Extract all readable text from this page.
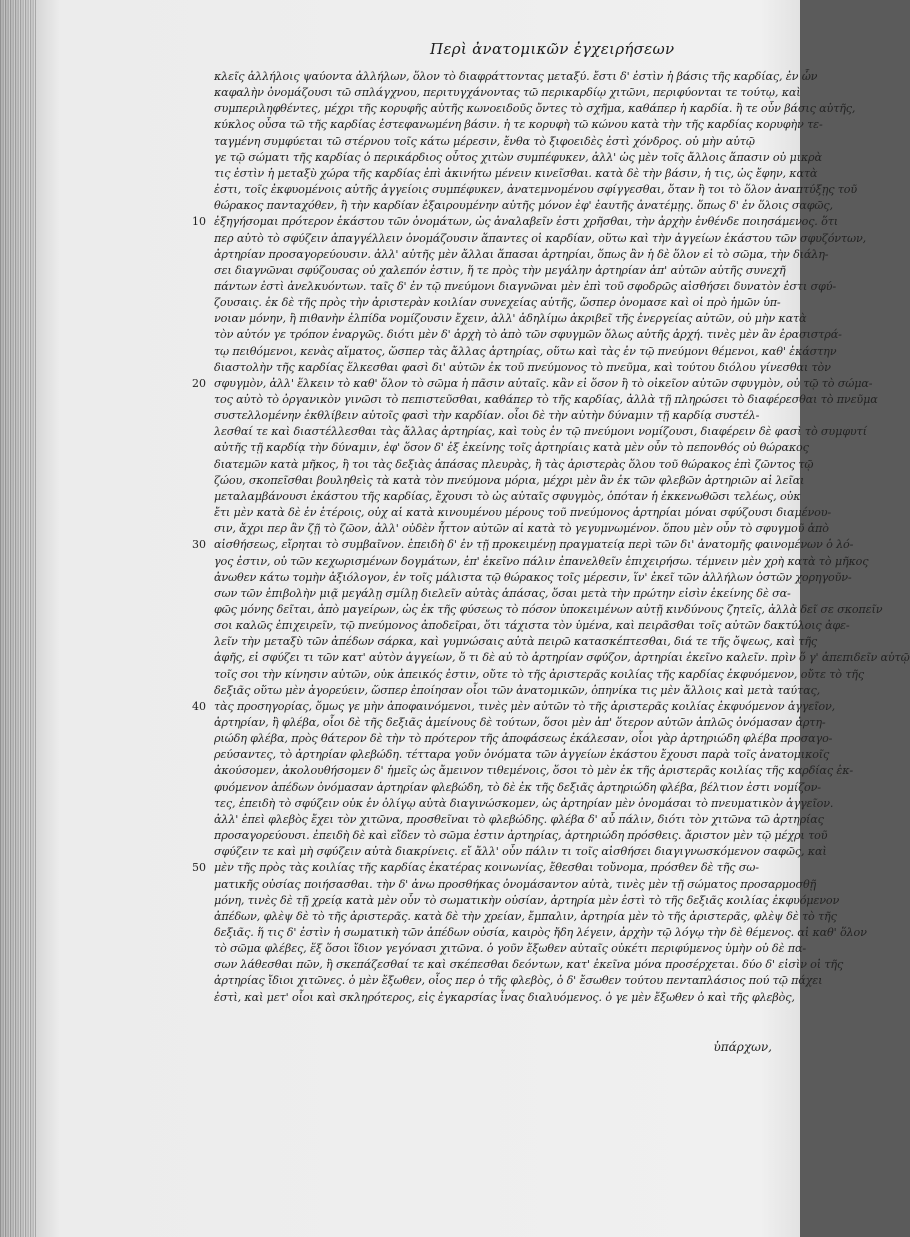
Περὶ ἀνατομικῶν ἐγχειρήσεων
κλεῖς ἀλλήλοις ψαύοντα ἀλλήλων, ὅλον τὸ διαφράττοντας μεταξύ. ἔστι δ' ἐστὶν ἡ βάσις τῆς καρδίας, ἐν ὧν
καφαλὴν ὀνομάζουσι τῶ σπλάγχνου, περιτυγχάνοντας τῶ περικαρδίῳ χιτῶνι, περιφύονται τε τούτῳ, καὶ
συμπεριληφθέντες, μέχρι τῆς κορυφῆς αὐτῆς κωνοειδοῦς ὄντες τὸ σχῆμα, καθάπερ ἡ καρδία. ἢ τε οὖν βάσις αὐτῆς,
κύκλος οὖσα τῶ τῆς καρδίας ἐστεφανωμένη βάσιν. ἡ τε κορυφὴ τῶ κώνου κατὰ τὴν τῆς καρδίας κορυφὴν τε-
ταγμένη συμφύεται τῶ στέρνου τοῖς κάτω μέρεσιν, ἔνθα τὸ ξιφοειδὲς ἐστὶ χόνδρος. οὐ μὴν αὐτῷ
γε τῷ σώματι τῆς καρδίας ὁ περικάρδιος οὗτος χιτὼν συμπέφυκεν, ἀλλ' ὡς μὲν τοῖς ἄλλοις ἅπασιν οὐ μικρὰ
τις ἐστὶν ἡ μεταξὺ χώρα τῆς καρδίας ἐπὶ ἀκινήτω μένειν κινεῖσθαι. κατὰ δὲ τὴν βάσιν, ἡ τις, ὡς ἔφην, κατὰ
ἐστι, τοῖς ἐκφυομένοις αὐτῆς ἀγγείοις συμπέφυκεν, ἀνατεμνομένου σφίγγεσθαι, ὅταν ἢ τοι τὸ ὅλον ἀναπτύξῃς τοῦ
θώρακος πανταχόθεν, ἢ τὴν καρδίαν ἐξαιρουμένην αὐτῆς μόνον ἐφ' ἑαυτῆς ἀνατέμῃς. ὅπως δ' ἐν ὅλοις σαφῶς,
ἐξηγήσομαι πρότερον ἑκάστου τῶν ὀνομάτων, ὡς ἀναλαβεῖν ἐστι χρῆσθαι, τὴν ἀρχὴν ἐνθένδε ποιησάμενος. ὅτι
περ αὐτὸ τὸ σφύζειν ἀπαγγέλλειν ὀνομάζουσιν ἅπαντες οἱ καρδίαν, οὕτω καὶ τὴν ἀγγείων ἑκάστου τῶν σφυζόντων,
ἀρτηρίαν προσαγορεύουσιν. ἀλλ' αὐτῆς μὲν ἄλλαι ἅπασαι ἀρτηρίαι, ὅπως ἂν ἡ δὲ ὅλον εἰ τὸ σῶμα, τὴν διάλη-
σει διαγνῶναι σφύζουσας οὐ χαλεπόν ἐστιν, ἥ τε πρὸς τὴν μεγάλην ἀρτηρίαν ἀπ' αὐτῶν αὐτῆς συνεχῆ
πάντων ἐστὶ ἀνελκυόντων. ταῖς δ' ἐν τῷ πνεύμονι διαγνῶναι μὲν ἐπὶ τοῦ σφοδρῶς αἰσθήσει δυνατὸν ἐστι σφύ-
ζουσαις. ἐκ δὲ τῆς πρὸς τὴν ἀριστερὰν κοιλίαν συνεχείας αὐτῆς, ὥσπερ ὀνομασε καὶ οἱ πρὸ ἡμῶν ὑπ-
νοιαν μόνην, ἢ πιθανὴν ἐλπίδα νομίζουσιν ἔχειν, ἀλλ' ἀδηλίμω ἀκριβεῖ τῆς ἐνεργείας αὐτῶν, οὐ μὴν κατὰ
τὸν αὐτόν γε τρόπον ἐναργῶς. διότι μὲν δ' ἀρχὴ τὸ ἀπὸ τῶν σφυγμῶν ὅλως αὐτῆς ἀρχή. τινὲς μὲν ἂν ἐρασιστρά-
τῳ πειθόμενοι, κενὰς αἵματος, ὥσπερ τὰς ἄλλας ἀρτηρίας, οὕτω καὶ τὰς ἐν τῷ πνεύμονι θέμενοι, καθ' ἑκάστην
διαστολὴν τῆς καρδίας ἕλκεσθαι φασὶ δι' αὐτῶν ἐκ τοῦ πνεύμονος τὸ πνεῦμα, καὶ τούτου διόλου γίνεσθαι τὸν
σφυγμὸν, ἀλλ' ἕλκειν τὸ καθ' ὅλον τὸ σῶμα ἡ πᾶσιν αὐταῖς. κἂν εἰ ὅσον ἢ τὸ οἰκεῖον αὐτῶν σφυγμὸν, οὐ τῷ τὸ σώμα-
τος αὐτὸ τὸ ὀργανικὸν γινῶσι τὸ πεπιστεῦσθαι, καθάπερ τὸ τῆς καρδίας, ἀλλὰ τῇ πληρώσει τὸ διαφέρεσθαι τὸ πνεῦμα
συστελλομένην ἐκθλίβειν αὐτοῖς φασὶ τὴν καρδίαν. οἷοι δὲ τὴν αὐτὴν δύναμιν τῇ καρδίᾳ συστέλ-
λεσθαί τε καὶ διαστέλλεσθαι τὰς ἄλλας ἀρτηρίας, καὶ τοὺς ἐν τῷ πνεύμονι νομίζουσι, διαφέρειν δὲ φασὶ τὸ συμφυτί
αὐτῆς τῇ καρδίᾳ τὴν δύναμιν, ἐφ' ὅσον δ' ἐξ ἐκείνης τοῖς ἀρτηρίαις κατὰ μὲν οὖν τὸ πεπονθός οὐ θώρακος
διατεμῶν κατὰ μῆκος, ἢ τοι τὰς δεξιὰς ἁπάσας πλευρὰς, ἢ τὰς ἀριστερὰς ὅλου τοῦ θώρακος ἐπὶ ζῶντος τῷ
ζώου, σκοπεῖσθαι βουληθεὶς τὰ κατὰ τὸν πνεύμονα μόρια, μέχρι μὲν ἂν ἐκ τῶν φλεβῶν ἀρτηριῶν αἱ λεῖαι
μεταλαμβάνουσι ἑκάστου τῆς καρδίας, ἔχουσι τὸ ὡς αὐταῖς σφυγμὸς, ὁπόταν ἡ ἐκκενωθῶσι τελέως, οὐκ
ἔτι μὲν κατὰ δὲ ἐν ἑτέροις, οὐχ αἱ κατὰ κινουμένου μέρους τοῦ πνεύμονος ἀρτηρίαι μόναι σφύζουσι διαμένου-
σιν, ἄχρι περ ἂν ζῇ τὸ ζῶον, ἀλλ' οὐδὲν ἧττον αὐτῶν αἱ κατὰ τὸ γεγυμνωμένον. ὅπου μὲν οὖν τὸ σφυγμοῦ ἀπὸ
αἰσθήσεως, εἴρηται τὸ συμβαῖνον. ἐπειδὴ δ' ἐν τῇ προκειμένῃ πραγματείᾳ περὶ τῶν δι' ἀνατομῆς φαινομένων ὁ λό-
γος ἐστιν, οὐ τῶν κεχωρισμένων δογμάτων, ἐπ' ἐκεῖνο πάλιν ἐπανελθεῖν ἐπιχειρήσω. τέμνειν μὲν χρὴ κατὰ τὸ μῆκος
ἀνωθεν κάτω τομὴν ἀξιόλογον, ἐν τοῖς μάλιστα τῷ θώρακος τοῖς μέρεσιν, ἵν' ἐκεῖ τῶν ἀλλήλων ὀστῶν χορηγοῦν-
σων τῶν ἐπιβολὴν μιᾷ μεγάλῃ σμίλῃ διελεῖν αὐτὰς ἁπάσας, ὅσαι μετὰ τὴν πρώτην εἰσὶν ἐκείνης δὲ σα-
φῶς μόνης δεῖται, ἀπὸ μαγείρων, ὡς ἐκ τῆς φύσεως τὸ πόσον ὑποκειμένων αὐτῇ κινδύνους ζητεῖς, ἀλλὰ δεῖ σε σκοπεῖν
σοι καλῶς ἐπιχειρεῖν, τῷ πνεύμονος ἀποδεῖραι, ὅτι τάχιστα τὸν ὑμένα, καὶ πειρᾶσθαι τοῖς αὐτῶν δακτύλοις ἀφε-
λεῖν τὴν μεταξὺ τῶν ἀπέδων σάρκα, καὶ γυμνώσαις αὐτὰ πειρῶ κατασκέπτεσθαι, διά τε τῆς ὄψεως, καὶ τῆς
ἁφῆς, εἰ σφύζει τι τῶν κατ' αὐτὸν ἀγγείων, ὅ τι δὲ αὐ τὸ ἀρτηρίαν σφύζον, ἀρτηρίαι ἐκεῖνο καλεῖν. πρὶν ὅ γ' ἀπεπιδεῖν αὐτῷ
τοῖς σοι τὴν κίνησιν αὐτῶν, οὐκ ἀπεικός ἐστιν, οὔτε τὸ τῆς ἀριστερᾶς κοιλίας τῆς καρδίας ἐκφυόμενον, οὔτε τὸ τῆς
δεξιᾶς οὕτω μὲν ἀγορεύειν, ὥσπερ ἐποίησαν οἷοι τῶν ἀνατομικῶν, ὁπηνίκα τις μὲν ἄλλοις καὶ μετὰ ταύτας,
τὰς προσηγορίας, ὅμως γε μὴν ἀποφαινόμενοι, τινὲς μὲν αὐτῶν τὸ τῆς ἀριστερᾶς κοιλίας ἐκφυόμενον ἀγγεῖον,
ἀρτηρίαν, ἢ φλέβα, οἷοι δὲ τῆς δεξιᾶς ἀμείνους δὲ τούτων, ὅσοι μὲν ἀπ' ὅτερον αὐτῶν ἁπλῶς ὀνόμασαν ἀρτη-
ριώδη φλέβα, πρὸς θάτερον δὲ τὴν τὸ πρότερον τῆς ἀποφάσεως ἐκάλεσαν, οἷοι γὰρ ἀρτηριώδη φλέβα προσαγο-
ρεύσαντες, τὸ ἀρτηρίαν φλεβώδη. τέτταρα γοῦν ὀνόματα τῶν ἀγγείων ἑκάστου ἔχουσι παρὰ τοῖς ἀνατομικοῖς
ἀκούσομεν, ἀκολουθήσομεν δ' ἡμεῖς ὡς ἄμεινον τιθεμένοις, ὅσοι τὸ μὲν ἐκ τῆς ἀριστερᾶς κοιλίας τῆς καρδίας ἐκ-
φυόμενον ἀπέδων ὀνόμασαν ἀρτηρίαν φλεβώδη, τὸ δὲ ἐκ τῆς δεξιᾶς ἀρτηριώδη φλέβα, βέλτιον ἐστι νομίζον-
τες, ἐπειδὴ τὸ σφύζειν οὐκ ἐν ὀλίγῳ αὐτὰ διαγινώσκομεν, ὡς ἀρτηρίαν μὲν ὀνομάσαι τὸ πνευματικὸν ἀγγεῖον.
ἀλλ' ἐπεὶ φλεβὸς ἔχει τὸν χιτῶνα, προσθεῖναι τὸ φλεβώδης. φλέβα δ' αὖ πάλιν, διότι τὸν χιτῶνα τῶ ἀρτηρίας
προσαγορεύουσι. ἐπειδὴ δὲ καὶ εἴδεν τὸ σῶμα ἐστιν ἀρτηρίας, ἀρτηριώδη πρόσθεις. ἄριστον μὲν τῷ μέχρι τοῦ
σφύζειν τε καὶ μὴ σφύζειν αὐτὰ διακρίνεις. εἴ ἄλλ' οὖν πάλιν τι τοῖς αἰσθήσει διαγιγνωσκόμενον σαφῶς, καὶ
μὲν τῆς πρὸς τὰς κοιλίας τῆς καρδίας ἑκατέρας κοινωνίας, ἔθεσθαι τοὔνομα, πρόσθεν δὲ τῆς σω-
ματικῆς οὐσίας ποιήσασθαι. τὴν δ' ἀνω προσθήκας ὀνομάσαντον αὐτὰ, τινὲς μὲν τῇ σώματος προσαρμοσθῇ
μόνη, τινὲς δὲ τῇ χρείᾳ κατὰ μὲν οὖν τὸ σωματικὴν οὐσίαν, ἀρτηρία μὲν ἐστὶ τὸ τῆς δεξιᾶς κοιλίας ἐκφυόμενον
ἀπέδων, φλὲψ δὲ τὸ τῆς ἀριστερᾶς. κατὰ δὲ τὴν χρείαν, ἔμπαλιν, ἀρτηρία μὲν τὸ τῆς ἀριστερᾶς, φλὲψ δὲ τὸ τῆς
δεξιᾶς. ἥ τις δ' ἐστὶν ἡ σωματικὴ τῶν ἀπέδων οὐσία, καιρὸς ἤδη λέγειν, ἀρχὴν τῷ λόγῳ τὴν δὲ θέμενος. αἱ καθ' ὅλον
τὸ σῶμα φλέβες, ἕξ ὅσοι ἴδιον γεγόνασι χιτῶνα. ὁ γοῦν ἔξωθεν αὐταῖς οὐκέτι περιφύμενος ὑμὴν οὐ δὲ πα-
σων λάθεσθαι πῶν, ἢ σκεπάζεσθαί τε καὶ σκέπεσθαι δεόντων, κατ' ἐκεῖνα μόνα προσέρχεται. δύο δ' εἰσὶν οἱ τῆς
ἀρτηρίας ἴδιοι χιτῶνες. ὁ μὲν ἔξωθεν, οἷος περ ὁ τῆς φλεβὸς, ὁ δ' ἔσωθεν τούτου πενταπλάσιος πού τῷ πάχει
ἐστὶ, καὶ μετ' οἷοι καὶ σκληρότερος, εἰς ἐγκαρσίας ἶνας διαλυόμενος. ὁ γε μὲν ἔξωθεν ὁ καὶ τῆς φλεβὸς,
10
20
30
40
50
ὑπάρχων,
